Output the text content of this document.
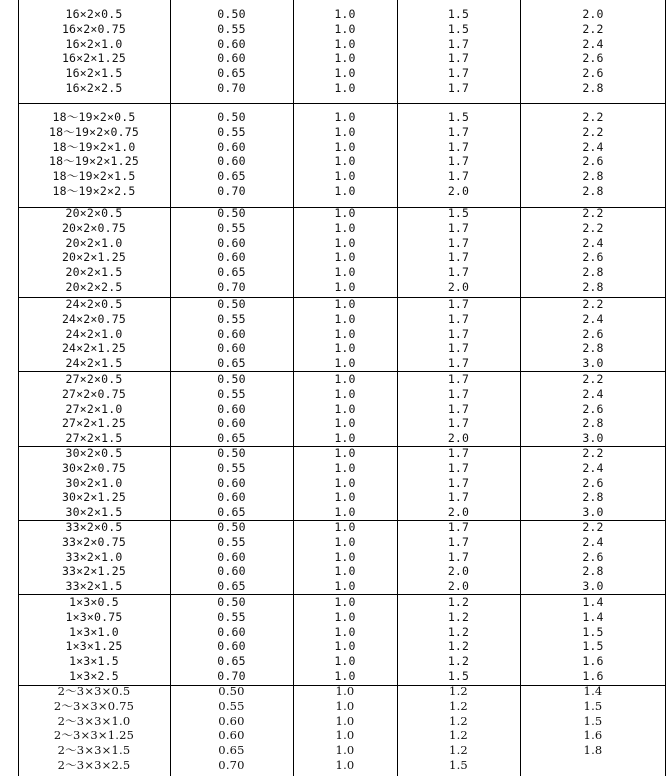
16×2×0.5	0.50	1.0	1.5	2.0
16×2×0.75	0.55	1.0	1.5	2.2
16×2×1.0	0.60	1.0	1.7	2.4
16×2×1.25	0.60	1.0	1.7	2.6
16×2×1.5	0.65	1.0	1.7	2.6
16×2×2.5	0.70	1.0	1.7	2.8
18～19×2×0.5	0.50	1.0	1.5	2.2
18～19×2×0.75	0.55	1.0	1.7	2.2
18～19×2×1.0	0.60	1.0	1.7	2.4
18～19×2×1.25	0.60	1.0	1.7	2.6
18～19×2×1.5	0.65	1.0	1.7	2.8
18～19×2×2.5	0.70	1.0	2.0	2.8
20×2×0.5	0.50	1.0	1.5	2.2
20×2×0.75	0.55	1.0	1.7	2.2
20×2×1.0	0.60	1.0	1.7	2.4
20×2×1.25	0.60	1.0	1.7	2.6
20×2×1.5	0.65	1.0	1.7	2.8
20×2×2.5	0.70	1.0	2.0	2.8
24×2×0.5	0.50	1.0	1.7	2.2
24×2×0.75	0.55	1.0	1.7	2.4
24×2×1.0	0.60	1.0	1.7	2.6
24×2×1.25	0.60	1.0	1.7	2.8
24×2×1.5	0.65	1.0	1.7	3.0
27×2×0.5	0.50	1.0	1.7	2.2
27×2×0.75	0.55	1.0	1.7	2.4
27×2×1.0	0.60	1.0	1.7	2.6
27×2×1.25	0.60	1.0	1.7	2.8
27×2×1.5	0.65	1.0	2.0	3.0
30×2×0.5	0.50	1.0	1.7	2.2
30×2×0.75	0.55	1.0	1.7	2.4
30×2×1.0	0.60	1.0	1.7	2.6
30×2×1.25	0.60	1.0	1.7	2.8
30×2×1.5	0.65	1.0	2.0	3.0
33×2×0.5	0.50	1.0	1.7	2.2
33×2×0.75	0.55	1.0	1.7	2.4
33×2×1.0	0.60	1.0	1.7	2.6
33×2×1.25	0.60	1.0	2.0	2.8
33×2×1.5	0.65	1.0	2.0	3.0
1×3×0.5	0.50	1.0	1.2	1.4
1×3×0.75	0.55	1.0	1.2	1.4
1×3×1.0	0.60	1.0	1.2	1.5
1×3×1.25	0.60	1.0	1.2	1.5
1×3×1.5	0.65	1.0	1.2	1.6
1×3×2.5	0.70	1.0	1.5	1.6
2～3×3×0.5	0.50	1.0	1.2	1.4
2～3×3×0.75	0.55	1.0	1.2	1.5
2～3×3×1.0	0.60	1.0	1.2	1.5
2～3×3×1.25	0.60	1.0	1.2	1.6
2～3×3×1.5	0.65	1.0	1.2	1.8
2～3×3×2.5	0.70	1.0	1.5
